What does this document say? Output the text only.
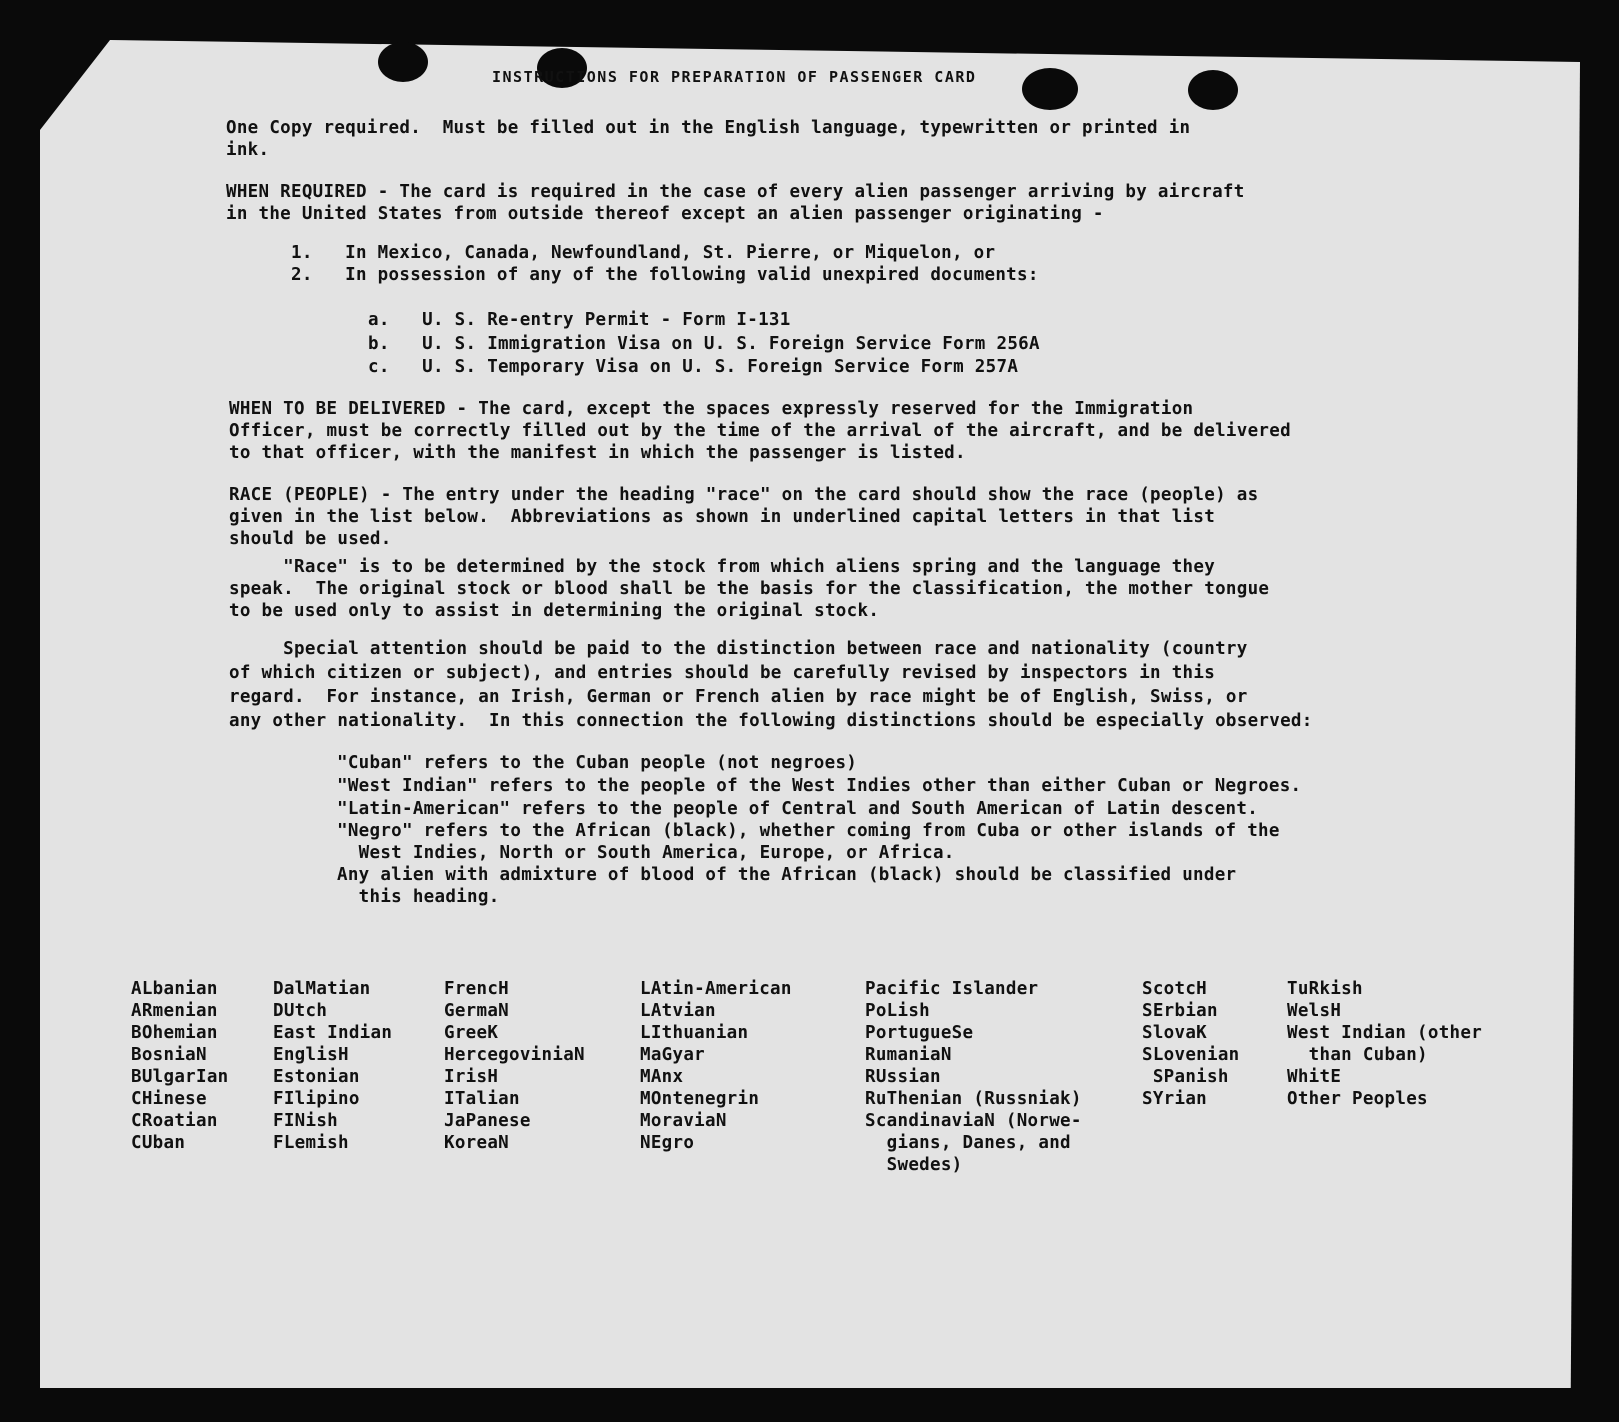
INSTRUCTIONS FOR PREPARATION OF PASSENGER CARD

One Copy required.  Must be filled out in the English language, typewritten or printed in

ink.

WHEN REQUIRED - The card is required in the case of every alien passenger arriving by aircraft

in the United States from outside thereof except an alien passenger originating -

1.   In Mexico, Canada, Newfoundland, St. Pierre, or Miquelon, or

2.   In possession of any of the following valid unexpired documents:

a.   U. S. Re-entry Permit - Form I-131

b.   U. S. Immigration Visa on U. S. Foreign Service Form 256A

c.   U. S. Temporary Visa on U. S. Foreign Service Form 257A

WHEN TO BE DELIVERED - The card, except the spaces expressly reserved for the Immigration

Officer, must be correctly filled out by the time of the arrival of the aircraft, and be delivered

to that officer, with the manifest in which the passenger is listed.

RACE (PEOPLE) - The entry under the heading "race" on the card should show the race (people) as

given in the list below.  Abbreviations as shown in underlined capital letters in that list

should be used.

"Race" is to be determined by the stock from which aliens spring and the language they

speak.  The original stock or blood shall be the basis for the classification, the mother tongue

to be used only to assist in determining the original stock.

Special attention should be paid to the distinction between race and nationality (country

of which citizen or subject), and entries should be carefully revised by inspectors in this

regard.  For instance, an Irish, German or French alien by race might be of English, Swiss, or

any other nationality.  In this connection the following distinctions should be especially observed:

"Cuban" refers to the Cuban people (not negroes)

"West Indian" refers to the people of the West Indies other than either Cuban or Negroes.

"Latin-American" refers to the people of Central and South American of Latin descent.

"Negro" refers to the African (black), whether coming from Cuba or other islands of the

West Indies, North or South America, Europe, or Africa.

Any alien with admixture of blood of the African (black) should be classified under

this heading.

ALbanian
ARmenian
BOhemian
BosniaN
BUlgarIan
CHinese
CRoatian
CUban
DalMatian
DUtch
East Indian
EnglisH
Estonian
FIlipino
FINish
FLemish
FrencH
GermaN
GreeK
HercegoviniaN
IrisH
ITalian
JaPanese
KoreaN
LAtin-American
LAtvian
LIthuanian
MaGyar
MAnx
MOntenegrin
MoraviaN
NEgro
Pacific Islander
PoLish
PortugueSe
RumaniaN
RUssian
RuThenian (Russniak)
ScandinaviaN (Norwe-
gians, Danes, and
Swedes)
ScotcH
SErbian
SlovaK
SLovenian
SPanish
SYrian
TuRkish
WelsH
West Indian (other
than Cuban)
WhitE
Other Peoples
